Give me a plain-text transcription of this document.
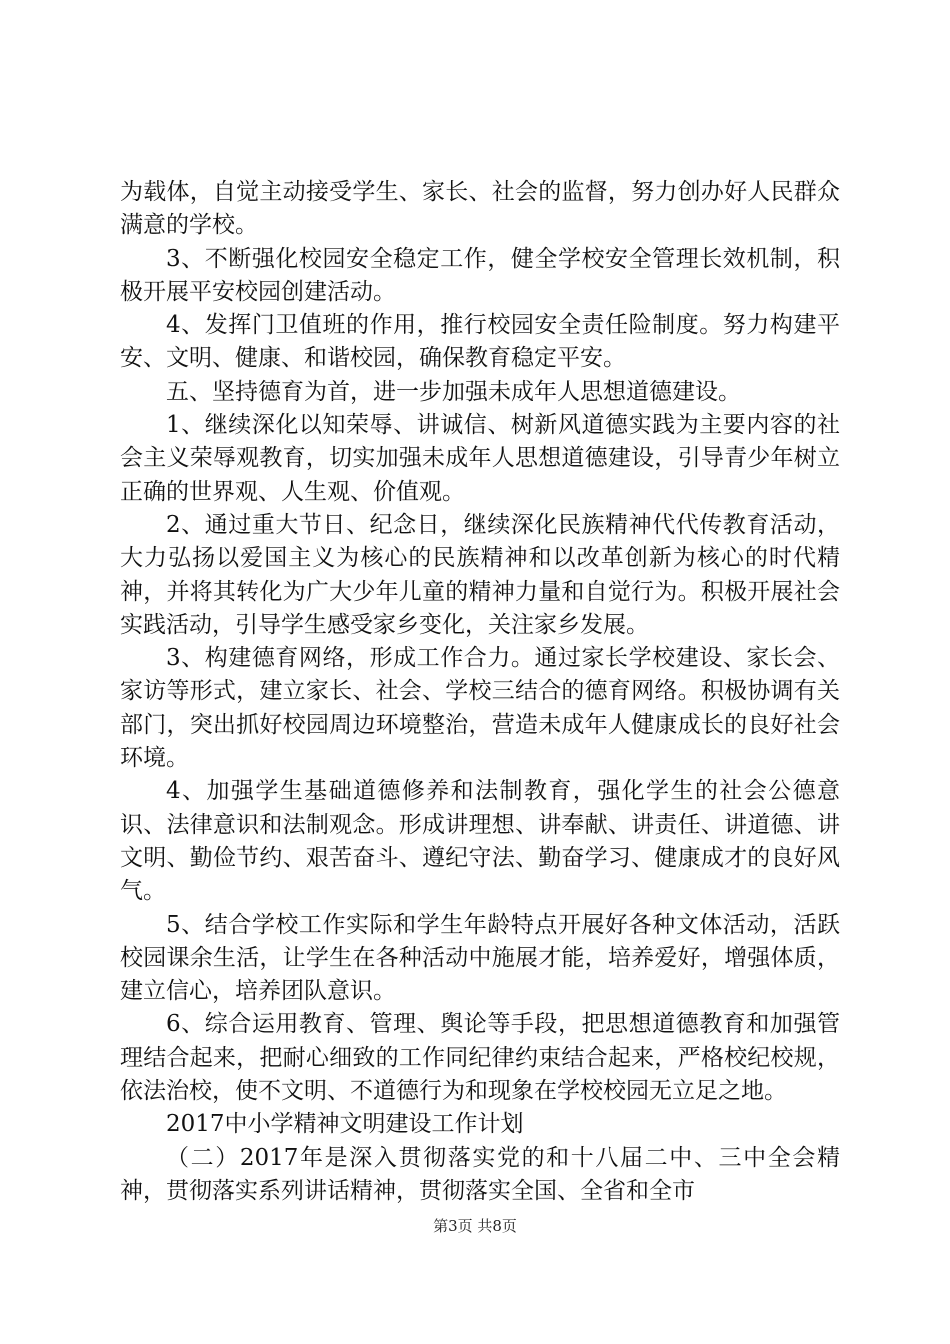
为载体，自觉主动接受学生、家长、社会的监督，努力创办好人民群众满意的学校。

3、不断强化校园安全稳定工作，健全学校安全管理长效机制，积极开展平安校园创建活动。

4、发挥门卫值班的作用，推行校园安全责任险制度。努力构建平安、文明、健康、和谐校园，确保教育稳定平安。

五、坚持德育为首，进一步加强未成年人思想道德建设。

1、继续深化以知荣辱、讲诚信、树新风道德实践为主要内容的社会主义荣辱观教育，切实加强未成年人思想道德建设，引导青少年树立正确的世界观、人生观、价值观。

2、通过重大节日、纪念日，继续深化民族精神代代传教育活动，大力弘扬以爱国主义为核心的民族精神和以改革创新为核心的时代精神，并将其转化为广大少年儿童的精神力量和自觉行为。积极开展社会实践活动，引导学生感受家乡变化，关注家乡发展。

3、构建德育网络，形成工作合力。通过家长学校建设、家长会、家访等形式，建立家长、社会、学校三结合的德育网络。积极协调有关部门，突出抓好校园周边环境整治，营造未成年人健康成长的良好社会环境。

4、加强学生基础道德修养和法制教育，强化学生的社会公德意识、法律意识和法制观念。形成讲理想、讲奉献、讲责任、讲道德、讲文明、勤俭节约、艰苦奋斗、遵纪守法、勤奋学习、健康成才的良好风气。

5、结合学校工作实际和学生年龄特点开展好各种文体活动，活跃校园课余生活，让学生在各种活动中施展才能，培养爱好，增强体质，建立信心，培养团队意识。

6、综合运用教育、管理、舆论等手段，把思想道德教育和加强管理结合起来，把耐心细致的工作同纪律约束结合起来，严格校纪校规，依法治校，使不文明、不道德行为和现象在学校校园无立足之地。

2017中小学精神文明建设工作计划

（二）2017年是深入贯彻落实党的和十八届二中、三中全会精神，贯彻落实系列讲话精神，贯彻落实全国、全省和全市

第3页 共8页
